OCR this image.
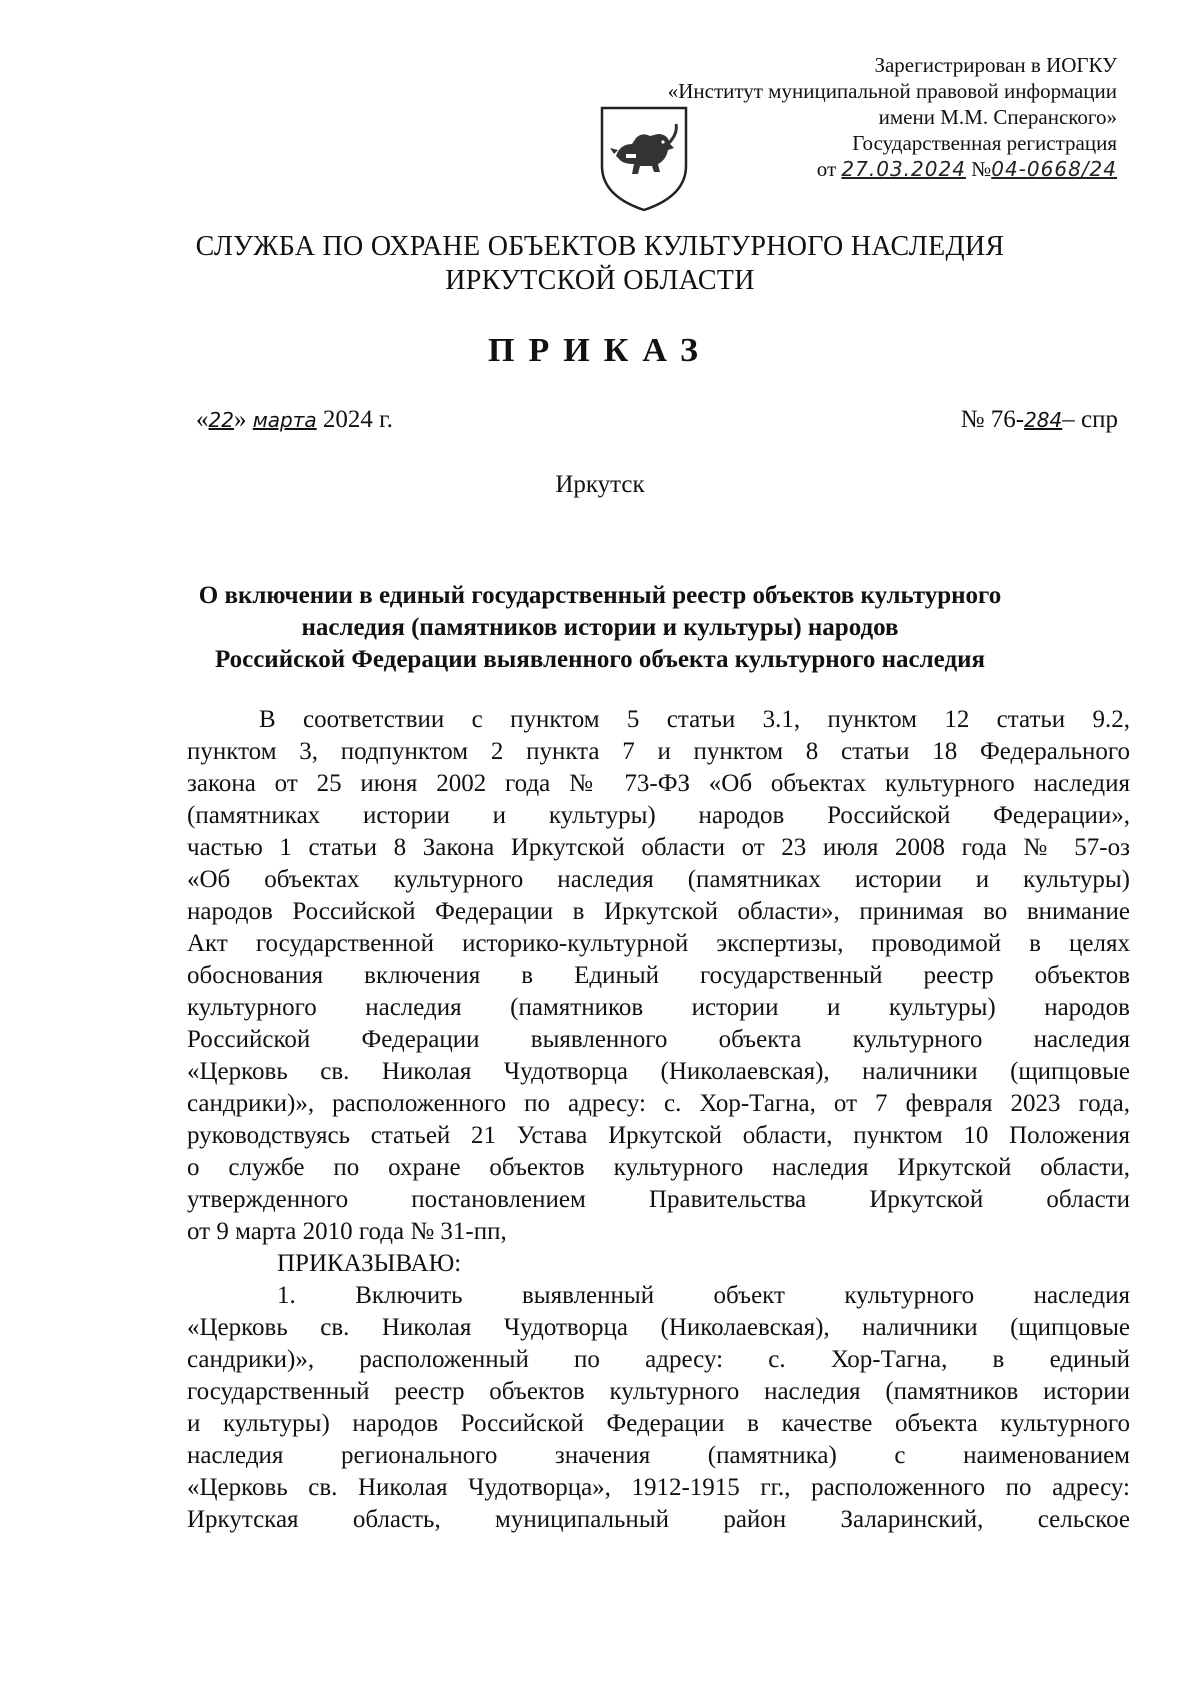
Зарегистрирован в ИОГКУ
«Институт муниципальной правовой информации
имени М.М. Сперанского»
Государственная регистрация
от 27.03.2024 №04-0668/24
СЛУЖБА ПО ОХРАНЕ ОБЪЕКТОВ КУЛЬТУРНОГО НАСЛЕДИЯ
ИРКУТСКОЙ ОБЛАСТИ
ПРИКАЗ
«22» марта 2024 г.	№ 76-284– спр
Иркутск
О включении в единый государственный реестр объектов культурного
наследия (памятников истории и культуры) народов
Российской Федерации выявленного объекта культурного наследия
В соответствии с пунктом 5 статьи 3.1, пунктом 12 статьи 9.2,
пунктом 3, подпунктом 2 пункта 7 и пунктом 8 статьи 18 Федерального
закона от 25 июня 2002 года № 73-ФЗ «Об объектах культурного наследия
(памятниках истории и культуры) народов Российской Федерации»,
частью 1 статьи 8 Закона Иркутской области от 23 июля 2008 года № 57-оз
«Об объектах культурного наследия (памятниках истории и культуры)
народов Российской Федерации в Иркутской области», принимая во внимание
Акт государственной историко-культурной экспертизы, проводимой в целях
обоснования включения в Единый государственный реестр объектов
культурного наследия (памятников истории и культуры) народов
Российской Федерации выявленного объекта культурного наследия
«Церковь св. Николая Чудотворца (Николаевская), наличники (щипцовые
сандрики)», расположенного по адресу: с. Хор-Тагна, от 7 февраля 2023 года,
руководствуясь статьей 21 Устава Иркутской области, пунктом 10 Положения
о службе по охране объектов культурного наследия Иркутской области,
утвержденного постановлением Правительства Иркутской области
от 9 марта 2010 года № 31-пп,
ПРИКАЗЫВАЮ:
1. Включить выявленный объект культурного наследия
«Церковь св. Николая Чудотворца (Николаевская), наличники (щипцовые
сандрики)», расположенный по адресу: с. Хор-Тагна, в единый
государственный реестр объектов культурного наследия (памятников истории
и культуры) народов Российской Федерации в качестве объекта культурного
наследия регионального значения (памятника) с наименованием
«Церковь св. Николая Чудотворца», 1912-1915 гг., расположенного по адресу:
Иркутская область, муниципальный район Заларинский, сельское
